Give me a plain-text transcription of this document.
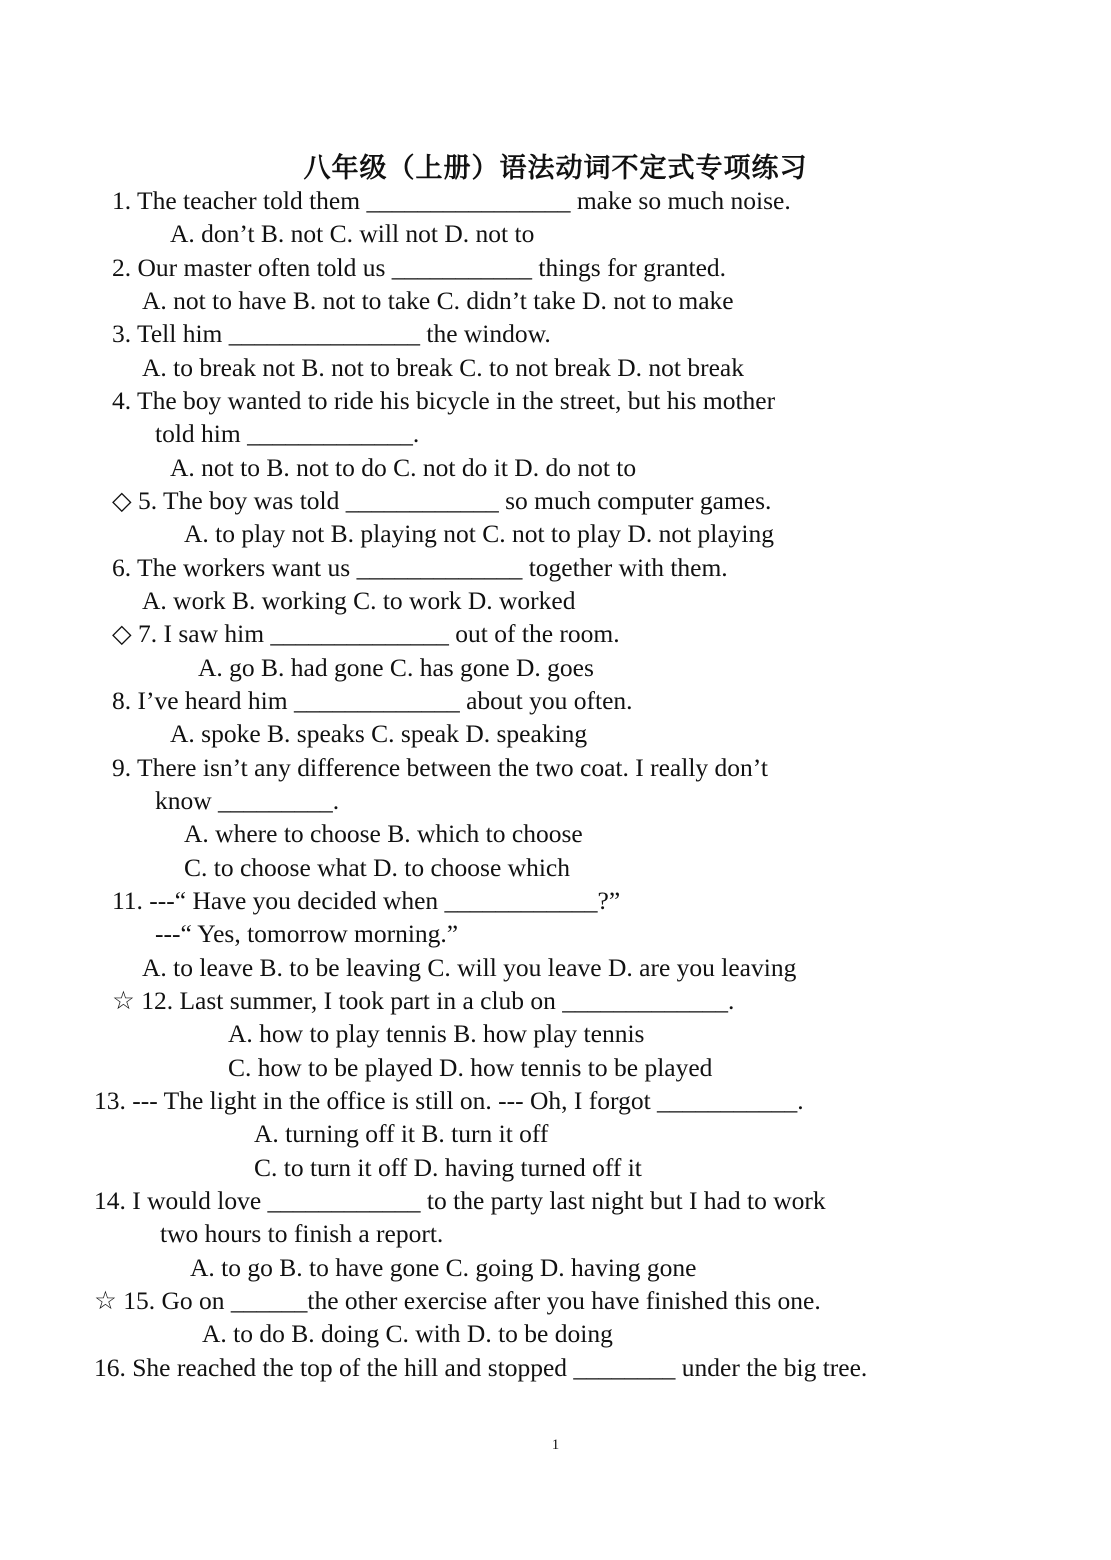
八年级（上册）语法动词不定式专项练习
1. The teacher told them ________________ make so much noise.
A. don’t B. not C. will not D. not to
2. Our master often told us ___________ things for granted.
A. not to have B. not to take C. didn’t take D. not to make
3. Tell him _______________ the window.
A. to break not B. not to break C. to not break D. not break
4. The boy wanted to ride his bicycle in the street, but his mother
told him _____________.
A. not to B. not to do C. not do it D. do not to
◇ 5. The boy was told ____________ so much computer games.
A. to play not B. playing not C. not to play D. not playing
6. The workers want us _____________ together with them.
A. work B. working C. to work D. worked
◇ 7. I saw him ______________ out of the room.
A. go B. had gone C. has gone D. goes
8. I’ve heard him _____________ about you often.
A. spoke B. speaks C. speak D. speaking
9. There isn’t any difference between the two coat. I really don’t
know _________.
A. where to choose B. which to choose
C. to choose what D. to choose which
11. ---“ Have you decided when ____________?”
---“ Yes, tomorrow morning.”
A. to leave B. to be leaving C. will you leave D. are you leaving
☆ 12. Last summer, I took part in a club on _____________.
A. how to play tennis B. how play tennis
C. how to be played D. how tennis to be played
13. --- The light in the office is still on. --- Oh, I forgot ___________.
A. turning off it B. turn it off
C. to turn it off D. having turned off it
14. I would love ____________ to the party last night but I had to work
two hours to finish a report.
A. to go B. to have gone C. going D. having gone
☆ 15. Go on ______the other exercise after you have finished this one.
A. to do B. doing C. with D. to be doing
16. She reached the top of the hill and stopped ________ under the big tree.
1
